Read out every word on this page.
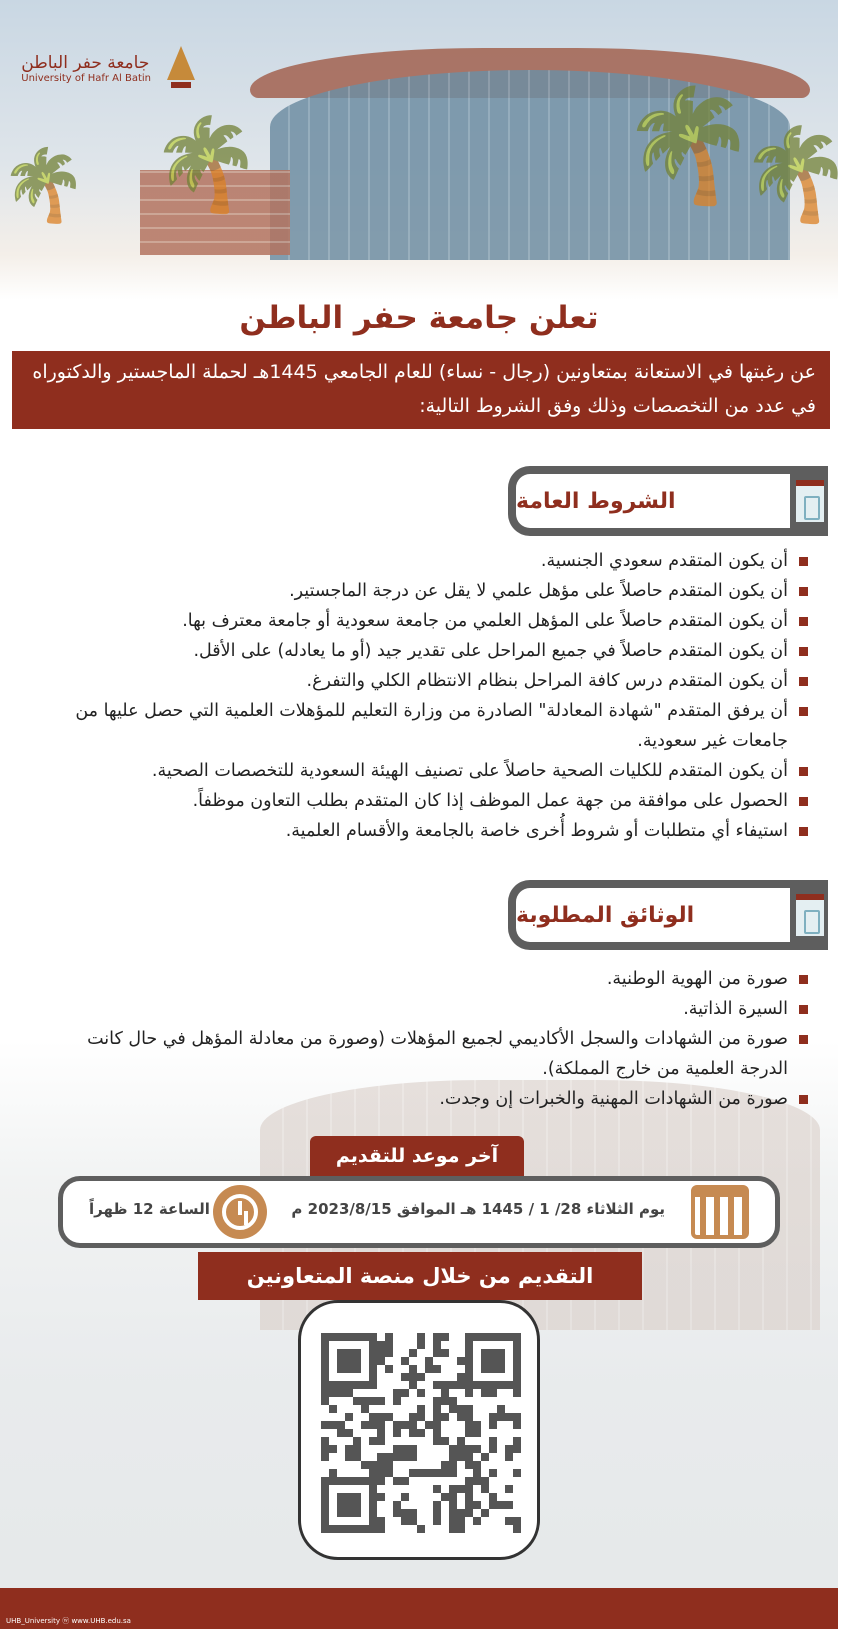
🌴
🌴	🌴
🌴
جامعة حفر الباطن
University of Hafr Al Batin
تعلن جامعة حفر الباطن
عن رغبتها في الاستعانة بمتعاونين (رجال - نساء) للعام الجامعي 1445هـ لحملة الماجستير والدكتوراه في عدد من التخصصات وذلك وفق الشروط التالية:
الشروط العامة
أن يكون المتقدم سعودي الجنسية.
أن يكون المتقدم حاصلاً على مؤهل علمي لا يقل عن درجة الماجستير.
أن يكون المتقدم حاصلاً على المؤهل العلمي من جامعة سعودية أو جامعة معترف بها.
أن يكون المتقدم حاصلاً في جميع المراحل على تقدير جيد (أو ما يعادله) على الأقل.
أن يكون المتقدم درس كافة المراحل بنظام الانتظام الكلي والتفرغ.
أن يرفق المتقدم "شهادة المعادلة" الصادرة من وزارة التعليم للمؤهلات العلمية التي حصل عليها من جامعات غير سعودية.
أن يكون المتقدم للكليات الصحية حاصلاً على تصنيف الهيئة السعودية للتخصصات الصحية.
الحصول على موافقة من جهة عمل الموظف إذا كان المتقدم بطلب التعاون موظفاً.
استيفاء أي متطلبات أو شروط أُخرى خاصة بالجامعة والأقسام العلمية.
الوثائق المطلوبة
صورة من الهوية الوطنية.
السيرة الذاتية.
صورة من الشهادات والسجل الأكاديمي لجميع المؤهلات (وصورة من معادلة المؤهل في حال كانت الدرجة العلمية من خارج المملكة).
صورة من الشهادات المهنية والخبرات إن وجدت.
آخر موعد للتقديم
يوم الثلاثاء 28/ 1 / 1445 هـ الموافق 2023/8/15 م
الساعة 12 ظهراً
التقديم من خلال منصة المتعاونين
UHB_University ⓦ www.UHB.edu.sa
